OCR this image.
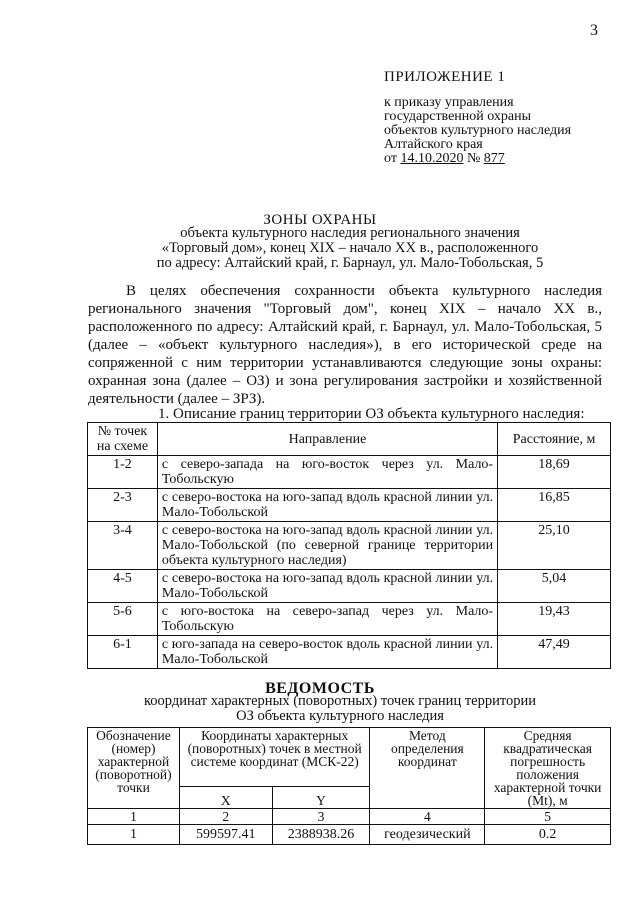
3
ПРИЛОЖЕНИЕ 1
к приказу управления
государственной охраны
объектов культурного наследия
Алтайского края
от 14.10.2020 № 877
ЗОНЫ ОХРАНЫ
объекта культурного наследия регионального значения
«Торговый дом», конец XIX – начало XX в., расположенного
по адресу: Алтайский край, г. Барнаул, ул. Мало-Тобольская, 5
В целях обеспечения сохранности объекта культурного наследия регионального значения "Торговый дом", конец XIX – начало XX в., расположенного по адресу: Алтайский край, г. Барнаул, ул. Мало-Тобольская, 5 (далее – «объект культурного наследия»), в его исторической среде на сопряженной с ним территории устанавливаются следующие зоны охраны: охранная зона (далее – ОЗ) и зона регулирования застройки и хозяйственной деятельности (далее – ЗРЗ).
1. Описание границ территории ОЗ объекта культурного наследия:
№ точек на схеме	Направление	Расстояние, м
1-2	с северо-запада на юго-восток через ул. Мало-Тобольскую	18,69
2-3	с северо-востока на юго-запад вдоль красной линии ул. Мало-Тобольской	16,85
3-4	с северо-востока на юго-запад вдоль красной линии ул. Мало-Тобольской (по северной границе территории объекта культурного наследия)	25,10
4-5	с северо-востока на юго-запад вдоль красной линии ул. Мало-Тобольской	5,04
5-6	с юго-востока на северо-запад через ул. Мало-Тобольскую	19,43
6-1	с юго-запада на северо-восток вдоль красной линии ул. Мало-Тобольской	47,49
ВЕДОМОСТЬ
координат характерных (поворотных) точек границ территории
ОЗ объекта культурного наследия
Обозначение (номер) характерной (поворотной) точки	Координаты характерных (поворотных) точек в местной системе координат (МСК-22)		Метод определения координат	Средняя квадратическая погрешность положения характерной точки (Mt), м
	X	Y		
1	2	3	4	5
1	599597.41	2388938.26	геодезический	0.2
